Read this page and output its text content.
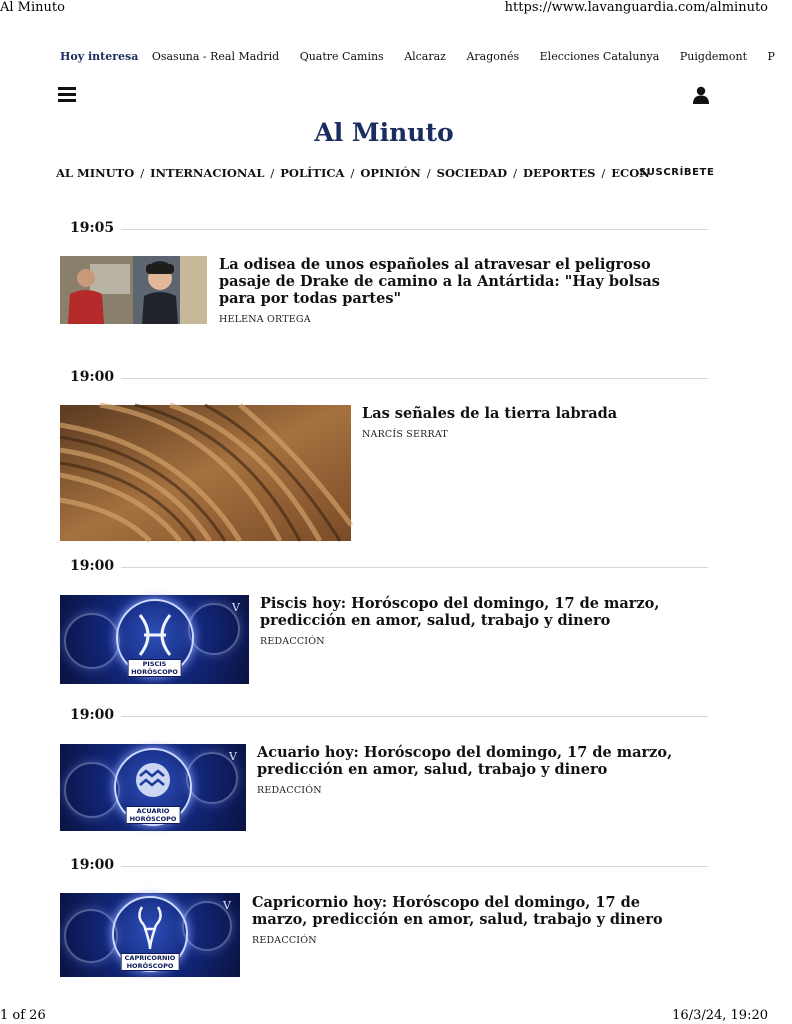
Al Minuto	https://www.lavanguardia.com/alminuto
Hoy interesa Osasuna - Real Madrid Quatre Camins Alcaraz Aragonés Elecciones Catalunya Puigdemont P
Al Minuto
AL MINUTO / INTERNACIONAL / POLÍTICA / OPINIÓN / SOCIEDAD / DEPORTES / ECON
SUSCRÍBETE
19:05
La odisea de unos españoles al atravesar el peligroso pasaje de Drake de camino a la Antártida: "Hay bolsas para por todas partes"
HELENA ORTEGA
19:00
Las señales de la tierra labrada
NARCÍS SERRAT
19:00
PISCIS
HORÓSCOPO
V Piscis hoy: Horóscopo del domingo, 17 de marzo, predicción en amor, salud, trabajo y dinero
REDACCIÓN
19:00
ACUARIO
HORÓSCOPO
V Acuario hoy: Horóscopo del domingo, 17 de marzo, predicción en amor, salud, trabajo y dinero
REDACCIÓN
19:00
CAPRICORNIO
HORÓSCOPO
V Capricornio hoy: Horóscopo del domingo, 17 de marzo, predicción en amor, salud, trabajo y dinero
REDACCIÓN
1 of 26	16/3/24, 19:20
